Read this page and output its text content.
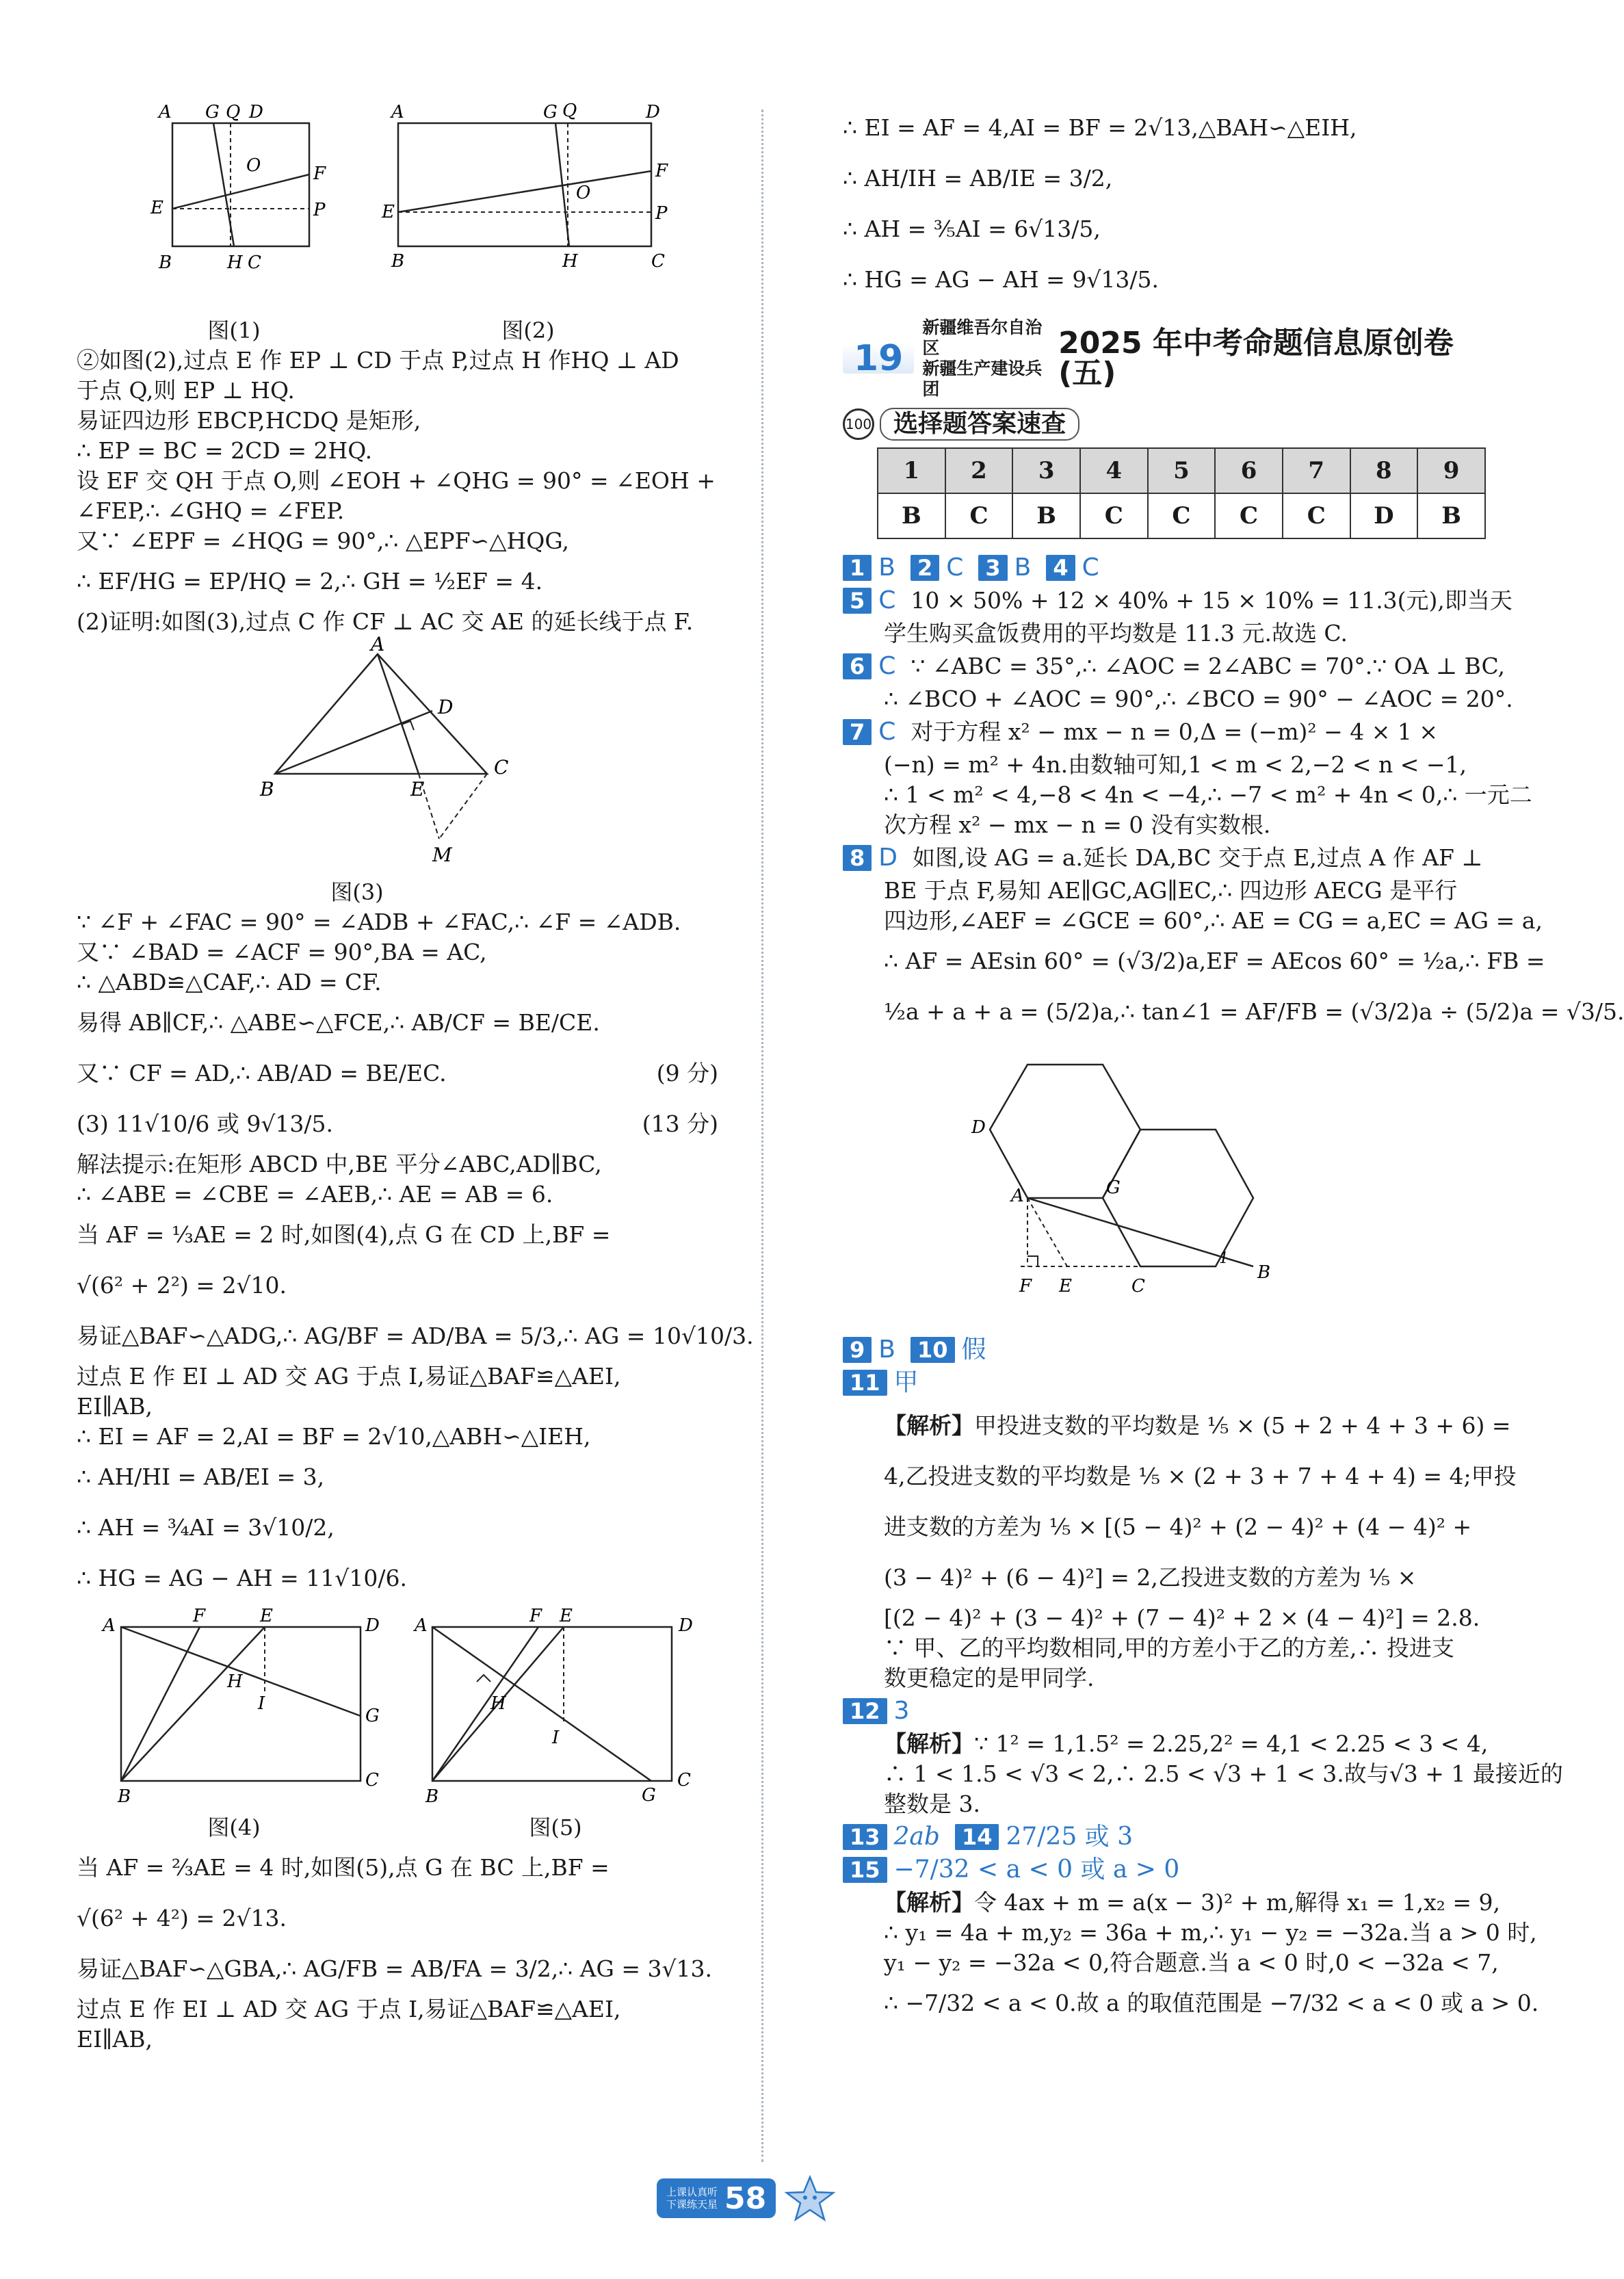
A G Q D
F
O
P
E
B	H C
图(1)
A	G Q	D
F
O
P
E
B	H	C
图(2)
②如图(2),过点 E 作 EP ⊥ CD 于点 P,过点 H 作HQ ⊥ AD
于点 Q,则 EP ⊥ HQ.
易证四边形 EBCP,HCDQ 是矩形,
∴ EP = BC = 2CD = 2HQ.
设 EF 交 QH 于点 O,则 ∠EOH + ∠QHG = 90° = ∠EOH +
∠FEP,∴ ∠GHQ = ∠FEP.
又∵ ∠EPF = ∠HQG = 90°,∴ △EPF∽△HQG,
∴ EF/HG = EP/HQ = 2,∴ GH = ½EF = 4.
(2)证明:如图(3),过点 C 作 CF ⊥ AC 交 AE 的延长线于点 F.
A
D
C
B	E
M
图(3)
∵ ∠F + ∠FAC = 90° = ∠ADB + ∠FAC,∴ ∠F = ∠ADB.
又∵ ∠BAD = ∠ACF = 90°,BA = AC,
∴ △ABD≌△CAF,∴ AD = CF.
易得 AB∥CF,∴ △ABE∽△FCE,∴ AB/CF = BE/CE.
又∵ CF = AD,∴ AB/AD = BE/EC.	(9 分)
(3) 11√10/6 或 9√13/5.	(13 分)
解法提示:在矩形 ABCD 中,BE 平分∠ABC,AD∥BC,
∴ ∠ABE = ∠CBE = ∠AEB,∴ AE = AB = 6.
当 AF = ⅓AE = 2 时,如图(4),点 G 在 CD 上,BF =
√(6² + 2²) = 2√10.
易证△BAF∽△ADG,∴ AG/BF = AD/BA = 5/3,∴ AG = 10√10/3.
过点 E 作 EI ⊥ AD 交 AG 于点 I,易证△BAF≌△AEI,
EI∥AB,
∴ EI = AF = 2,AI = BF = 2√10,△ABH∽△IEH,
∴ AH/HI = AB/EI = 3,
∴ AH = ¾AI = 3√10/2,
∴ HG = AG − AH = 11√10/6.
A	F	E	D
H
I
G
B
C
图(4)
A	F E	D
H
I
B	G
C
图(5)
当 AF = ⅔AE = 4 时,如图(5),点 G 在 BC 上,BF =
√(6² + 4²) = 2√13.
易证△BAF∽△GBA,∴ AG/FB = AB/FA = 3/2,∴ AG = 3√13.
过点 E 作 EI ⊥ AD 交 AG 于点 I,易证△BAF≌△AEI,
EI∥AB,
∴ EI = AF = 4,AI = BF = 2√13,△BAH∽△EIH,
∴ AH/IH = AB/IE = 3/2,
∴ AH = ⅗AI = 6√13/5,
∴ HG = AG − AH = 9√13/5.
19
新疆维吾尔自治区
新疆生产建设兵团
2025 年中考命题信息原创卷(五)
100 选择题答案速查
1	2	3	4	5	6	7	8	9
B	C	B	C	C	C	C	D	B
1 B	2 C	3 B	4 C
5 C 10 × 50% + 12 × 40% + 15 × 10% = 11.3(元),即当天
学生购买盒饭费用的平均数是 11.3 元.故选 C.
6 C ∵ ∠ABC = 35°,∴ ∠AOC = 2∠ABC = 70°.∵ OA ⊥ BC,
∴ ∠BCO + ∠AOC = 90°,∴ ∠BCO = 90° − ∠AOC = 20°.
7 C 对于方程 x² − mx − n = 0,Δ = (−m)² − 4 × 1 ×
(−n) = m² + 4n.由数轴可知,1 < m < 2,−2 < n < −1,
∴ 1 < m² < 4,−8 < 4n < −4,∴ −7 < m² + 4n < 0,∴ 一元二
次方程 x² − mx − n = 0 没有实数根.
8 D 如图,设 AG = a.延长 DA,BC 交于点 E,过点 A 作 AF ⊥
BE 于点 F,易知 AE∥GC,AG∥EC,∴ 四边形 AECG 是平行
四边形,∠AEF = ∠GCE = 60°,∴ AE = CG = a,EC = AG = a,
∴ AF = AEsin 60° = (√3/2)a,EF = AEcos 60° = ½a,∴ FB =
½a + a + a = (5/2)a,∴ tan∠1 = AF/FB = (√3/2)a ÷ (5/2)a = √3/5.
D
A	G
1
B
F E	C
9 B	10 假
11 甲
【解析】甲投进支数的平均数是 ⅕ × (5 + 2 + 4 + 3 + 6) =
4,乙投进支数的平均数是 ⅕ × (2 + 3 + 7 + 4 + 4) = 4;甲投
进支数的方差为 ⅕ × [(5 − 4)² + (2 − 4)² + (4 − 4)² +
(3 − 4)² + (6 − 4)²] = 2,乙投进支数的方差为 ⅕ ×
[(2 − 4)² + (3 − 4)² + (7 − 4)² + 2 × (4 − 4)²] = 2.8.
∵ 甲、乙的平均数相同,甲的方差小于乙的方差,∴ 投进支
数更稳定的是甲同学.
12 3
【解析】∵ 1² = 1,1.5² = 2.25,2² = 4,1 < 2.25 < 3 < 4,
∴ 1 < 1.5 < √3 < 2,∴ 2.5 < √3 + 1 < 3.故与√3 + 1 最接近的
整数是 3.
13 2ab	14 27/25 或 3
15 −7/32 < a < 0 或 a > 0
【解析】令 4ax + m = a(x − 3)² + m,解得 x₁ = 1,x₂ = 9,
∴ y₁ = 4a + m,y₂ = 36a + m,∴ y₁ − y₂ = −32a.当 a > 0 时,
y₁ − y₂ = −32a < 0,符合题意.当 a < 0 时,0 < −32a < 7,
∴ −7/32 < a < 0.故 a 的取值范围是 −7/32 < a < 0 或 a > 0.
上课认真听
下课练天星 58
